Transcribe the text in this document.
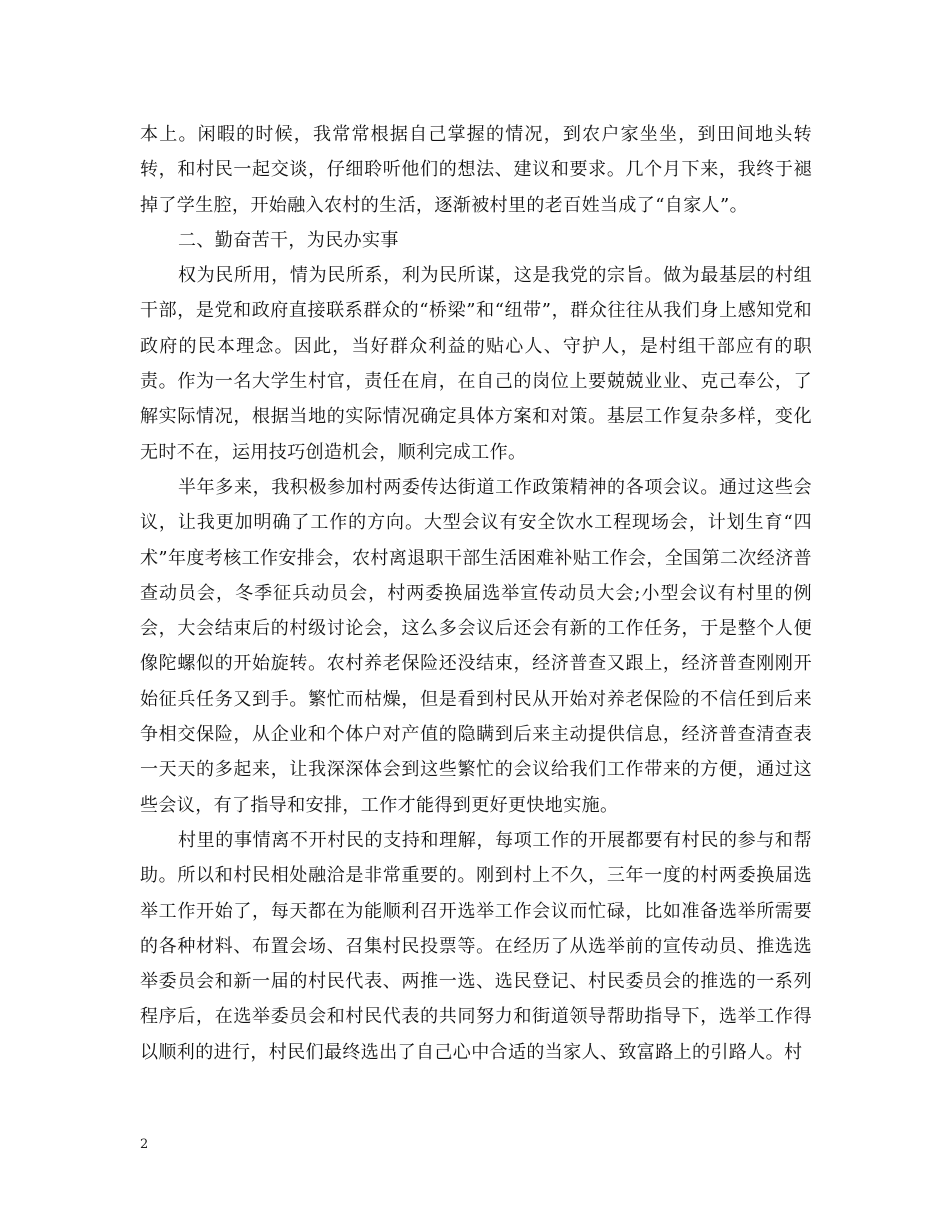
本上。闲暇的时候，我常常根据自己掌握的情况，到农户家坐坐，到田间地头转转，和村民一起交谈，仔细聆听他们的想法、建议和要求。几个月下来，我终于褪掉了学生腔，开始融入农村的生活，逐渐被村里的老百姓当成了“自家人”。

二、勤奋苦干，为民办实事

权为民所用，情为民所系，利为民所谋，这是我党的宗旨。做为最基层的村组干部，是党和政府直接联系群众的“桥梁”和“纽带”，群众往往从我们身上感知党和政府的民本理念。因此，当好群众利益的贴心人、守护人，是村组干部应有的职责。作为一名大学生村官，责任在肩，在自己的岗位上要兢兢业业、克己奉公，了解实际情况，根据当地的实际情况确定具体方案和对策。基层工作复杂多样，变化无时不在，运用技巧创造机会，顺利完成工作。

半年多来，我积极参加村两委传达街道工作政策精神的各项会议。通过这些会议，让我更加明确了工作的方向。大型会议有安全饮水工程现场会，计划生育“四术”年度考核工作安排会，农村离退职干部生活困难补贴工作会，全国第二次经济普查动员会，冬季征兵动员会，村两委换届选举宣传动员大会;小型会议有村里的例会，大会结束后的村级讨论会，这么多会议后还会有新的工作任务，于是整个人便像陀螺似的开始旋转。农村养老保险还没结束，经济普查又跟上，经济普查刚刚开始征兵任务又到手。繁忙而枯燥，但是看到村民从开始对养老保险的不信任到后来争相交保险，从企业和个体户对产值的隐瞒到后来主动提供信息，经济普查清查表一天天的多起来，让我深深体会到这些繁忙的会议给我们工作带来的方便，通过这些会议，有了指导和安排，工作才能得到更好更快地实施。

村里的事情离不开村民的支持和理解，每项工作的开展都要有村民的参与和帮助。所以和村民相处融洽是非常重要的。刚到村上不久，三年一度的村两委换届选举工作开始了，每天都在为能顺利召开选举工作会议而忙碌，比如准备选举所需要的各种材料、布置会场、召集村民投票等。在经历了从选举前的宣传动员、推选选举委员会和新一届的村民代表、两推一选、选民登记、村民委员会的推选的一系列程序后，在选举委员会和村民代表的共同努力和街道领导帮助指导下，选举工作得以顺利的进行，村民们最终选出了自己心中合适的当家人、致富路上的引路人。村

2
